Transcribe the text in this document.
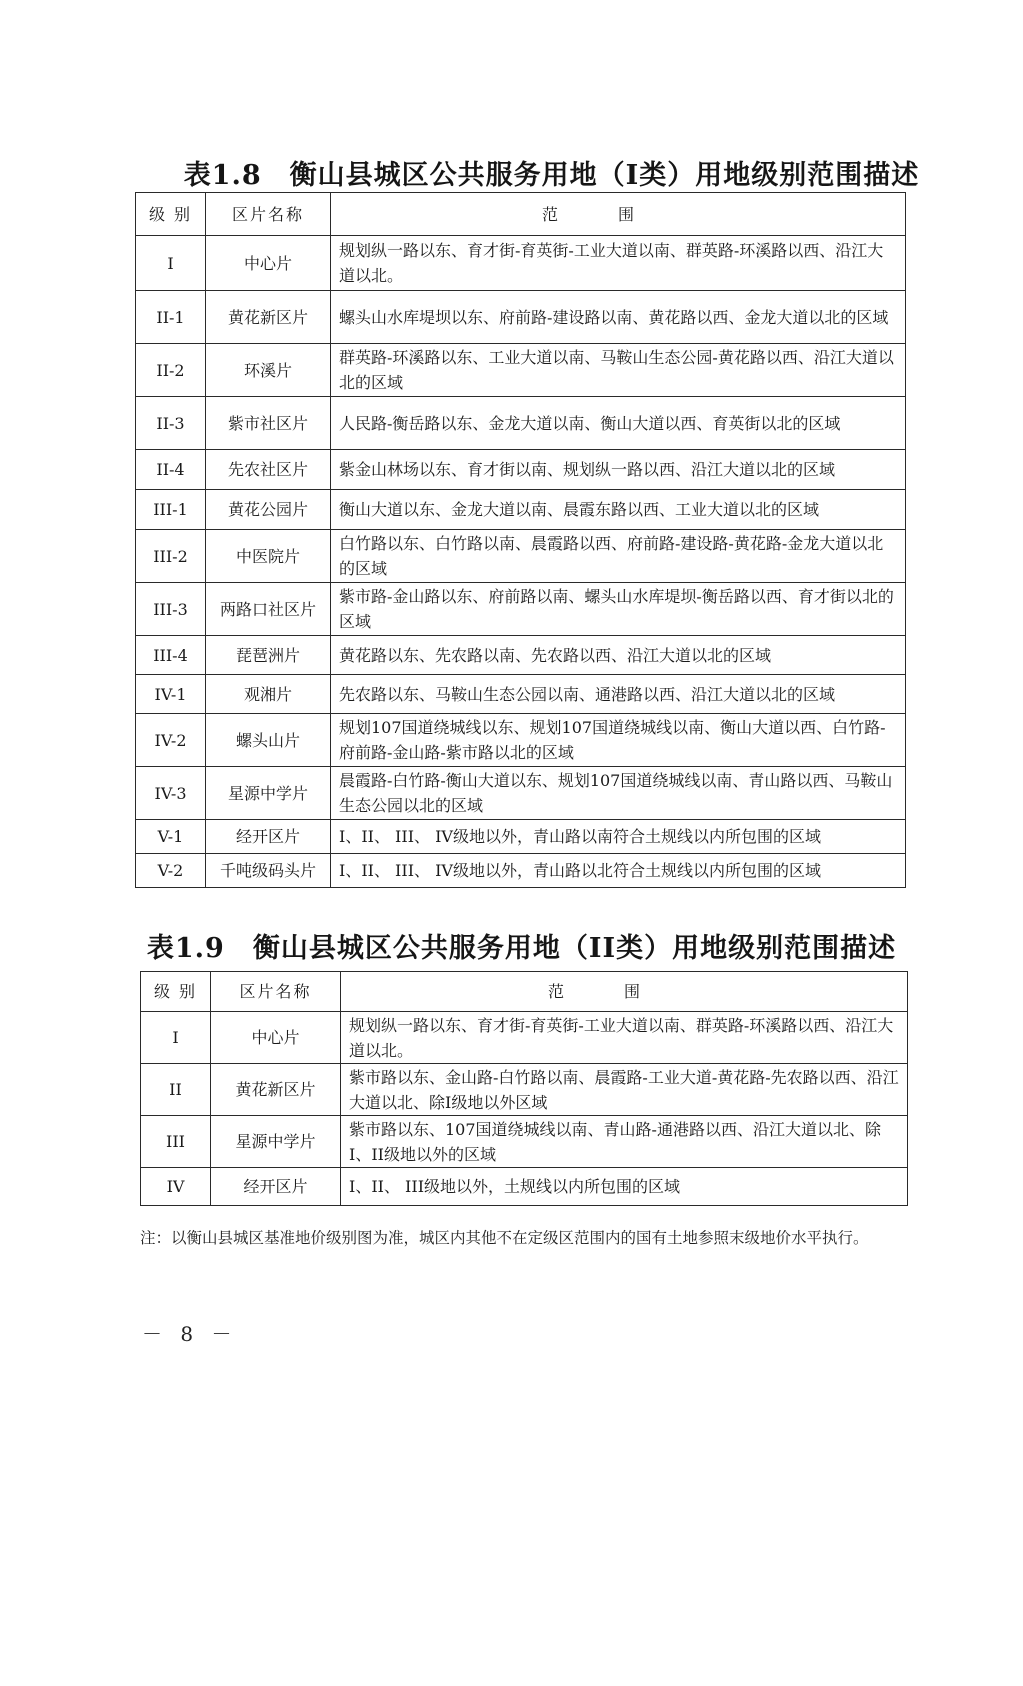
表1.8　衡山县城区公共服务用地（Ⅰ类）用地级别范围描述
级 别	区片名称	范围
I	中心片	规划纵一路以东、育才街-育英街-工业大道以南、群英路-环溪路以西、沿江大道以北。
II-1	黄花新区片	螺头山水库堤坝以东、府前路-建设路以南、黄花路以西、金龙大道以北的区域
II-2	环溪片	群英路-环溪路以东、工业大道以南、马鞍山生态公园-黄花路以西、沿江大道以北的区域
II-3	紫市社区片	人民路-衡岳路以东、金龙大道以南、衡山大道以西、育英街以北的区域
II-4	先农社区片	紫金山林场以东、育才街以南、规划纵一路以西、沿江大道以北的区域
III-1	黄花公园片	衡山大道以东、金龙大道以南、晨霞东路以西、工业大道以北的区域
III-2	中医院片	白竹路以东、白竹路以南、晨霞路以西、府前路-建设路-黄花路-金龙大道以北的区域
III-3	两路口社区片	紫市路-金山路以东、府前路以南、螺头山水库堤坝-衡岳路以西、育才街以北的区域
III-4	琵琶洲片	黄花路以东、先农路以南、先农路以西、沿江大道以北的区域
IV-1	观湘片	先农路以东、马鞍山生态公园以南、通港路以西、沿江大道以北的区域
IV-2	螺头山片	规划107国道绕城线以东、规划107国道绕城线以南、衡山大道以西、白竹路-府前路-金山路-紫市路以北的区域
IV-3	星源中学片	晨霞路-白竹路-衡山大道以东、规划107国道绕城线以南、青山路以西、马鞍山生态公园以北的区域
V-1	经开区片	I、II、 III、 IV级地以外，青山路以南符合土规线以内所包围的区域
V-2	千吨级码头片	I、II、 III、 IV级地以外，青山路以北符合土规线以内所包围的区域
表1.9　衡山县城区公共服务用地（II类）用地级别范围描述
级 别	区片名称	范围
I	中心片	规划纵一路以东、育才街-育英街-工业大道以南、群英路-环溪路以西、沿江大道以北。
II	黄花新区片	紫市路以东、金山路-白竹路以南、晨霞路-工业大道-黄花路-先农路以西、沿江大道以北、除I级地以外区域
III	星源中学片	紫市路以东、107国道绕城线以南、青山路-通港路以西、沿江大道以北、除I、II级地以外的区域
IV	经开区片	I、II、 III级地以外，土规线以内所包围的区域
注：以衡山县城区基准地价级别图为准，城区内其他不在定级区范围内的国有土地参照末级地价水平执行。
－ 8 －
